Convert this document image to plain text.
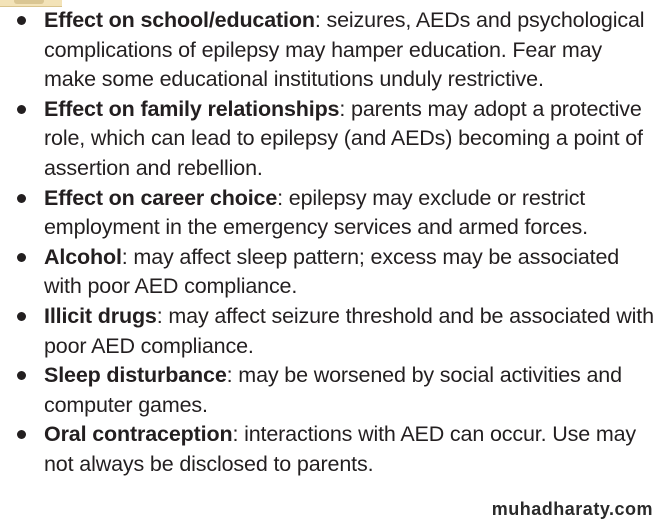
Effect on school/education: seizures, AEDs and psychological complications of epilepsy may hamper education. Fear may make some educational institutions unduly restrictive.
Effect on family relationships: parents may adopt a protective role, which can lead to epilepsy (and AEDs) becoming a point of assertion and rebellion.
Effect on career choice: epilepsy may exclude or restrict employment in the emergency services and armed forces.
Alcohol: may affect sleep pattern; excess may be associated with poor AED compliance.
Illicit drugs: may affect seizure threshold and be associated with poor AED compliance.
Sleep disturbance: may be worsened by social activities and computer games.
Oral contraception: interactions with AED can occur. Use may not always be disclosed to parents.
muhadharaty.com
